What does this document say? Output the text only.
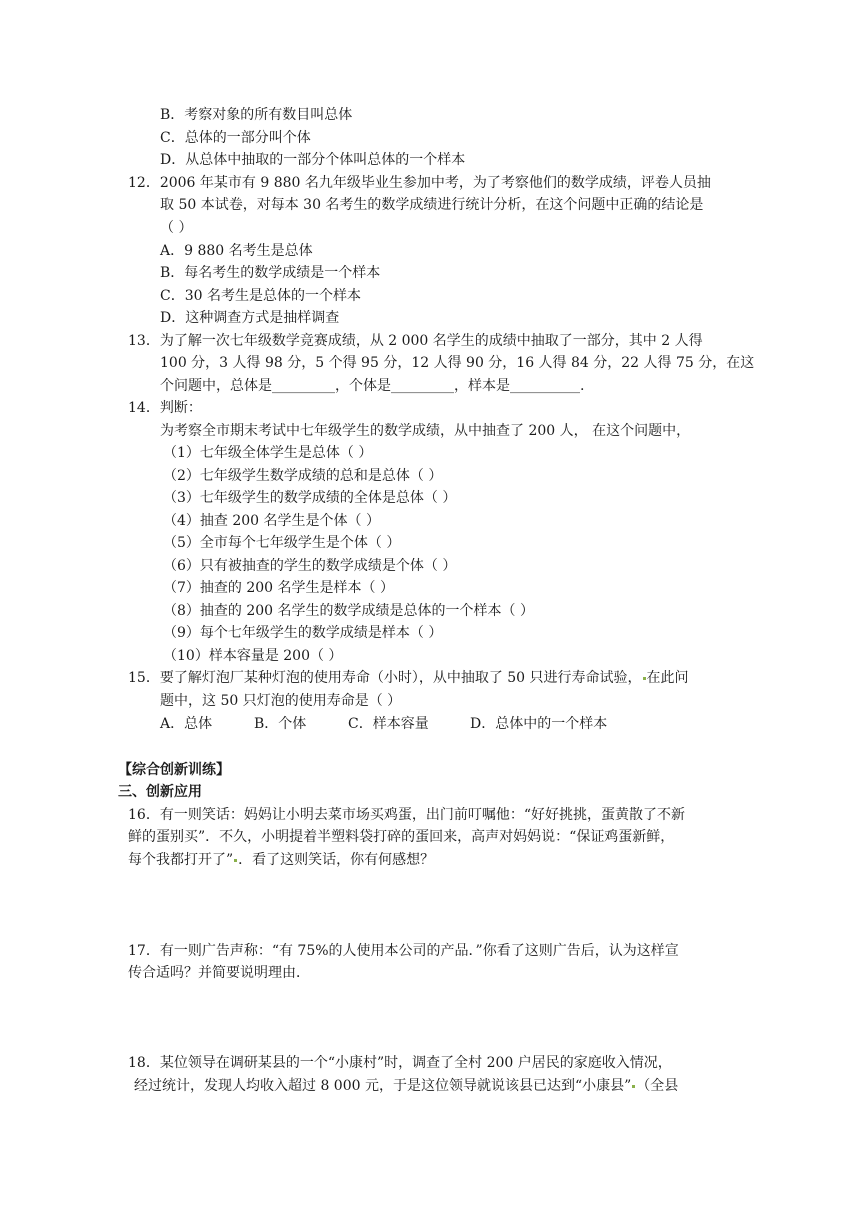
B．考察对象的所有数目叫总体
C．总体的一部分叫个体
D．从总体中抽取的一部分个体叫总体的一个样本
12．2006 年某市有 9 880 名九年级毕业生参加中考，为了考察他们的数学成绩，评卷人员抽
取 50 本试卷，对每本 30 名考生的数学成绩进行统计分析，在这个问题中正确的结论是
（ ）
A．9 880 名考生是总体
B．每名考生的数学成绩是一个样本
C．30 名考生是总体的一个样本
D．这种调查方式是抽样调查
13．为了解一次七年级数学竞赛成绩，从 2 000 名学生的成绩中抽取了一部分，其中 2 人得
100 分，3 人得 98 分，5 个得 95 分，12 人得 90 分，16 人得 84 分，22 人得 75 分，在这
个问题中，总体是_________，个体是_________，样本是__________.
14．判断：
为考察全市期末考试中七年级学生的数学成绩，从中抽查了 200 人， 在这个问题中，
（1）七年级全体学生是总体（ ）
（2）七年级学生数学成绩的总和是总体（ ）
（3）七年级学生的数学成绩的全体是总体（ ）
（4）抽查 200 名学生是个体（ ）
（5）全市每个七年级学生是个体（ ）
（6）只有被抽查的学生的数学成绩是个体（ ）
（7）抽查的 200 名学生是样本（ ）
（8）抽查的 200 名学生的数学成绩是总体的一个样本（ ）
（9）每个七年级学生的数学成绩是样本（ ）
（10）样本容量是 200（ ）
15．要了解灯泡厂某种灯泡的使用寿命（小时），从中抽取了 50 只进行寿命试验， 在此问
题中，这 50 只灯泡的使用寿命是（ ）
A．总体	B．个体	C．样本容量	D．总体中的一个样本
【综合创新训练】
三、创新应用
16．有一则笑话：妈妈让小明去菜市场买鸡蛋，出门前叮嘱他：“好好挑挑，蛋黄散了不新
鲜的蛋别买”．不久，小明提着半塑料袋打碎的蛋回来，高声对妈妈说：“保证鸡蛋新鲜，
每个我都打开了” ．看了这则笑话，你有何感想？
17．有一则广告声称：“有 75%的人使用本公司的产品．”你看了这则广告后，认为这样宣
传合适吗？并简要说明理由．
18．某位领导在调研某县的一个“小康村”时，调查了全村 200 户居民的家庭收入情况，
经过统计，发现人均收入超过 8 000 元，于是这位领导就说该县已达到“小康县” （全县
